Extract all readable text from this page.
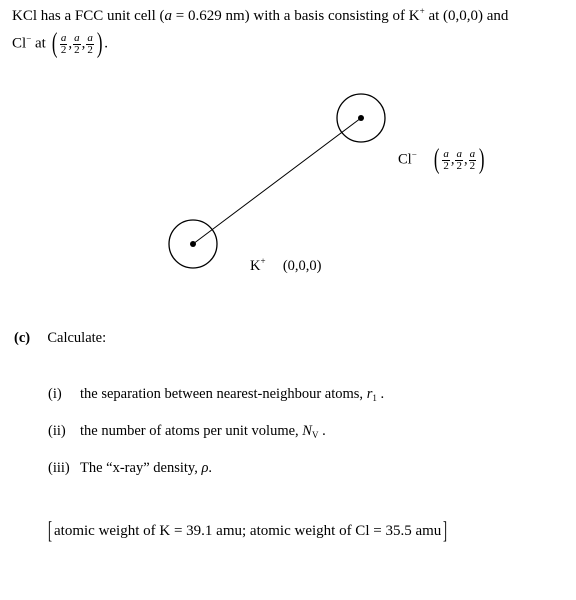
KCl has a FCC unit cell (a = 0.629 nm) with a basis consisting of K+ at (0,0,0) and
Cl− at ( $\frac{a}{2}$ , $\frac{a}{2}$ , $\frac{a}{2}$ ) .
Cl− ( $\frac{a}{2}$ , $\frac{a}{2}$ , $\frac{a}{2}$ )
K+ (0,0,0)
(c) Calculate:
(i) the separation between nearest-neighbour atoms, $r_1$ .
(ii) the number of atoms per unit volume, $N_V$ .
(iii) The “x-ray” density, ρ.
[ atomic weight of K = 39.1 amu; atomic weight of Cl = 35.5 amu]
